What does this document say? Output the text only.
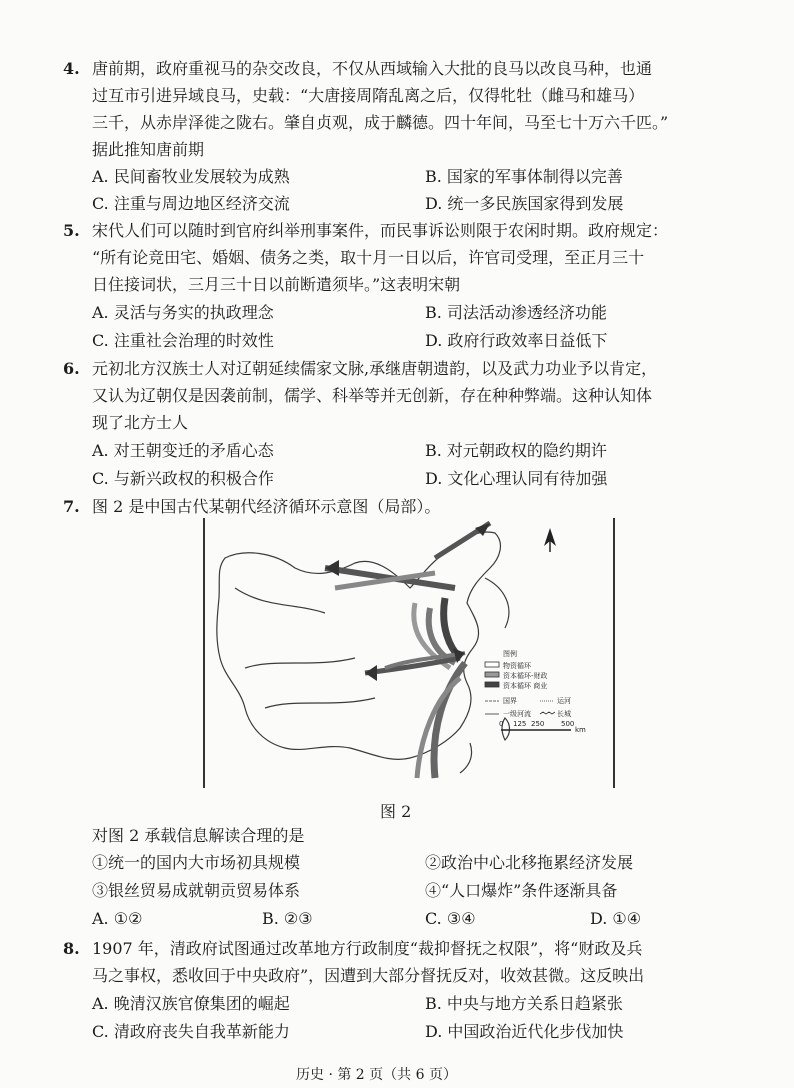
4. 唐前期，政府重视马的杂交改良，不仅从西域输入大批的良马以改良马种，也通
过互市引进异域良马，史载：“大唐接周隋乱离之后，仅得牝牡（雌马和雄马）
三千，从赤岸泽徙之陇右。肇自贞观，成于麟德。四十年间，马至七十万六千匹。”
据此推知唐前期
A. 民间畜牧业发展较为成熟	B. 国家的军事体制得以完善
C. 注重与周边地区经济交流	D. 统一多民族国家得到发展
5. 宋代人们可以随时到官府纠举刑事案件，而民事诉讼则限于农闲时期。政府规定：
“所有论竞田宅、婚姻、债务之类，取十月一日以后，许官司受理，至正月三十
日住接词状，三月三十日以前断遣须毕。”这表明宋朝
A. 灵活与务实的执政理念	B. 司法活动渗透经济功能
C. 注重社会治理的时效性	D. 政府行政效率日益低下
6. 元初北方汉族士人对辽朝延续儒家文脉,承继唐朝遗韵，以及武力功业予以肯定，
又认为辽朝仅是因袭前制，儒学、科举等并无创新，存在种种弊端。这种认知体
现了北方士人
A. 对王朝变迁的矛盾心态	B. 对元朝政权的隐约期许
C. 与新兴政权的积极合作	D. 文化心理认同有待加强
7. 图 2 是中国古代某朝代经济循环示意图（局部）。
图例
物资循环
资本循环-财政
资本循环 商业
国界	运河
一级河流	长城
0 125 250 500
km
图 2
对图 2 承载信息解读合理的是
①统一的国内大市场初具规模	②政治中心北移拖累经济发展
③银丝贸易成就朝贡贸易体系	④“人口爆炸”条件逐渐具备
A. ①②	B. ②③	C. ③④	D. ①④
8. 1907 年，清政府试图通过改革地方行政制度“裁抑督抚之权限”，将“财政及兵
马之事权，悉收回于中央政府”，因遭到大部分督抚反对，收效甚微。这反映出
A. 晚清汉族官僚集团的崛起	B. 中央与地方关系日趋紧张
C. 清政府丧失自我革新能力	D. 中国政治近代化步伐加快
历史 · 第 2 页（共 6 页）
